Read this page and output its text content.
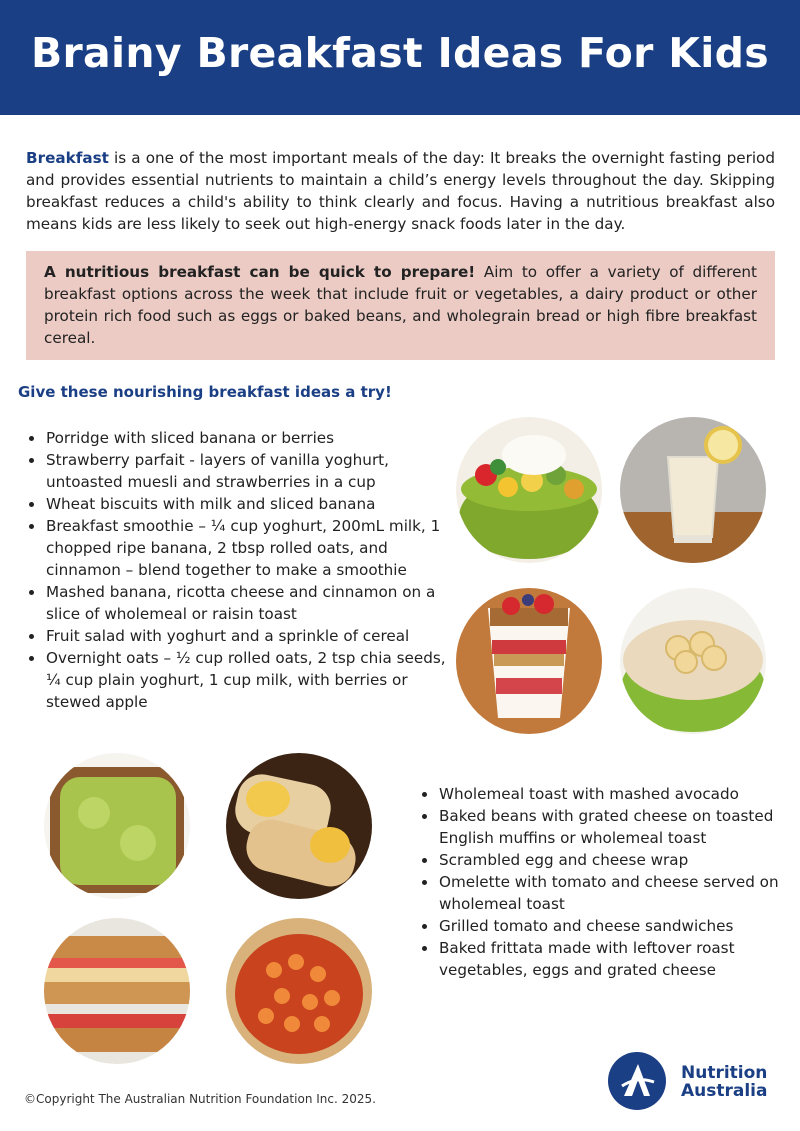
Brainy Breakfast Ideas For Kids

Breakfast is a one of the most important meals of the day: It breaks the overnight fasting period and provides essential nutrients to maintain a child’s energy levels throughout the day. Skipping breakfast reduces a child's ability to think clearly and focus. Having a nutritious breakfast also means kids are less likely to seek out high-energy snack foods later in the day.

A nutritious breakfast can be quick to prepare! Aim to offer a variety of different breakfast options across the week that include fruit or vegetables, a dairy product or other protein rich food such as eggs or baked beans, and wholegrain bread or high fibre breakfast cereal.

Give these nourishing breakfast ideas a try!
Porridge with sliced banana or berries
Strawberry parfait - layers of vanilla yoghurt, untoasted muesli and strawberries in a cup
Wheat biscuits with milk and sliced banana
Breakfast smoothie – ¼ cup yoghurt, 200mL milk, 1 chopped ripe banana, 2 tbsp rolled oats, and cinnamon – blend together to make a smoothie
Mashed banana, ricotta cheese and cinnamon on a slice of wholemeal or raisin toast
Fruit salad with yoghurt and a sprinkle of cereal
Overnight oats – ½ cup rolled oats, 2 tsp chia seeds, ¼ cup plain yoghurt, 1 cup milk, with berries or stewed apple
Wholemeal toast with mashed avocado
Baked beans with grated cheese on toasted English muffins or wholemeal toast
Scrambled egg and cheese wrap
Omelette with tomato and cheese served on wholemeal toast
Grilled tomato and cheese sandwiches
Baked frittata made with leftover roast vegetables, eggs and grated cheese
©Copyright The Australian Nutrition Foundation Inc. 2025.
Nutrition
Australia
